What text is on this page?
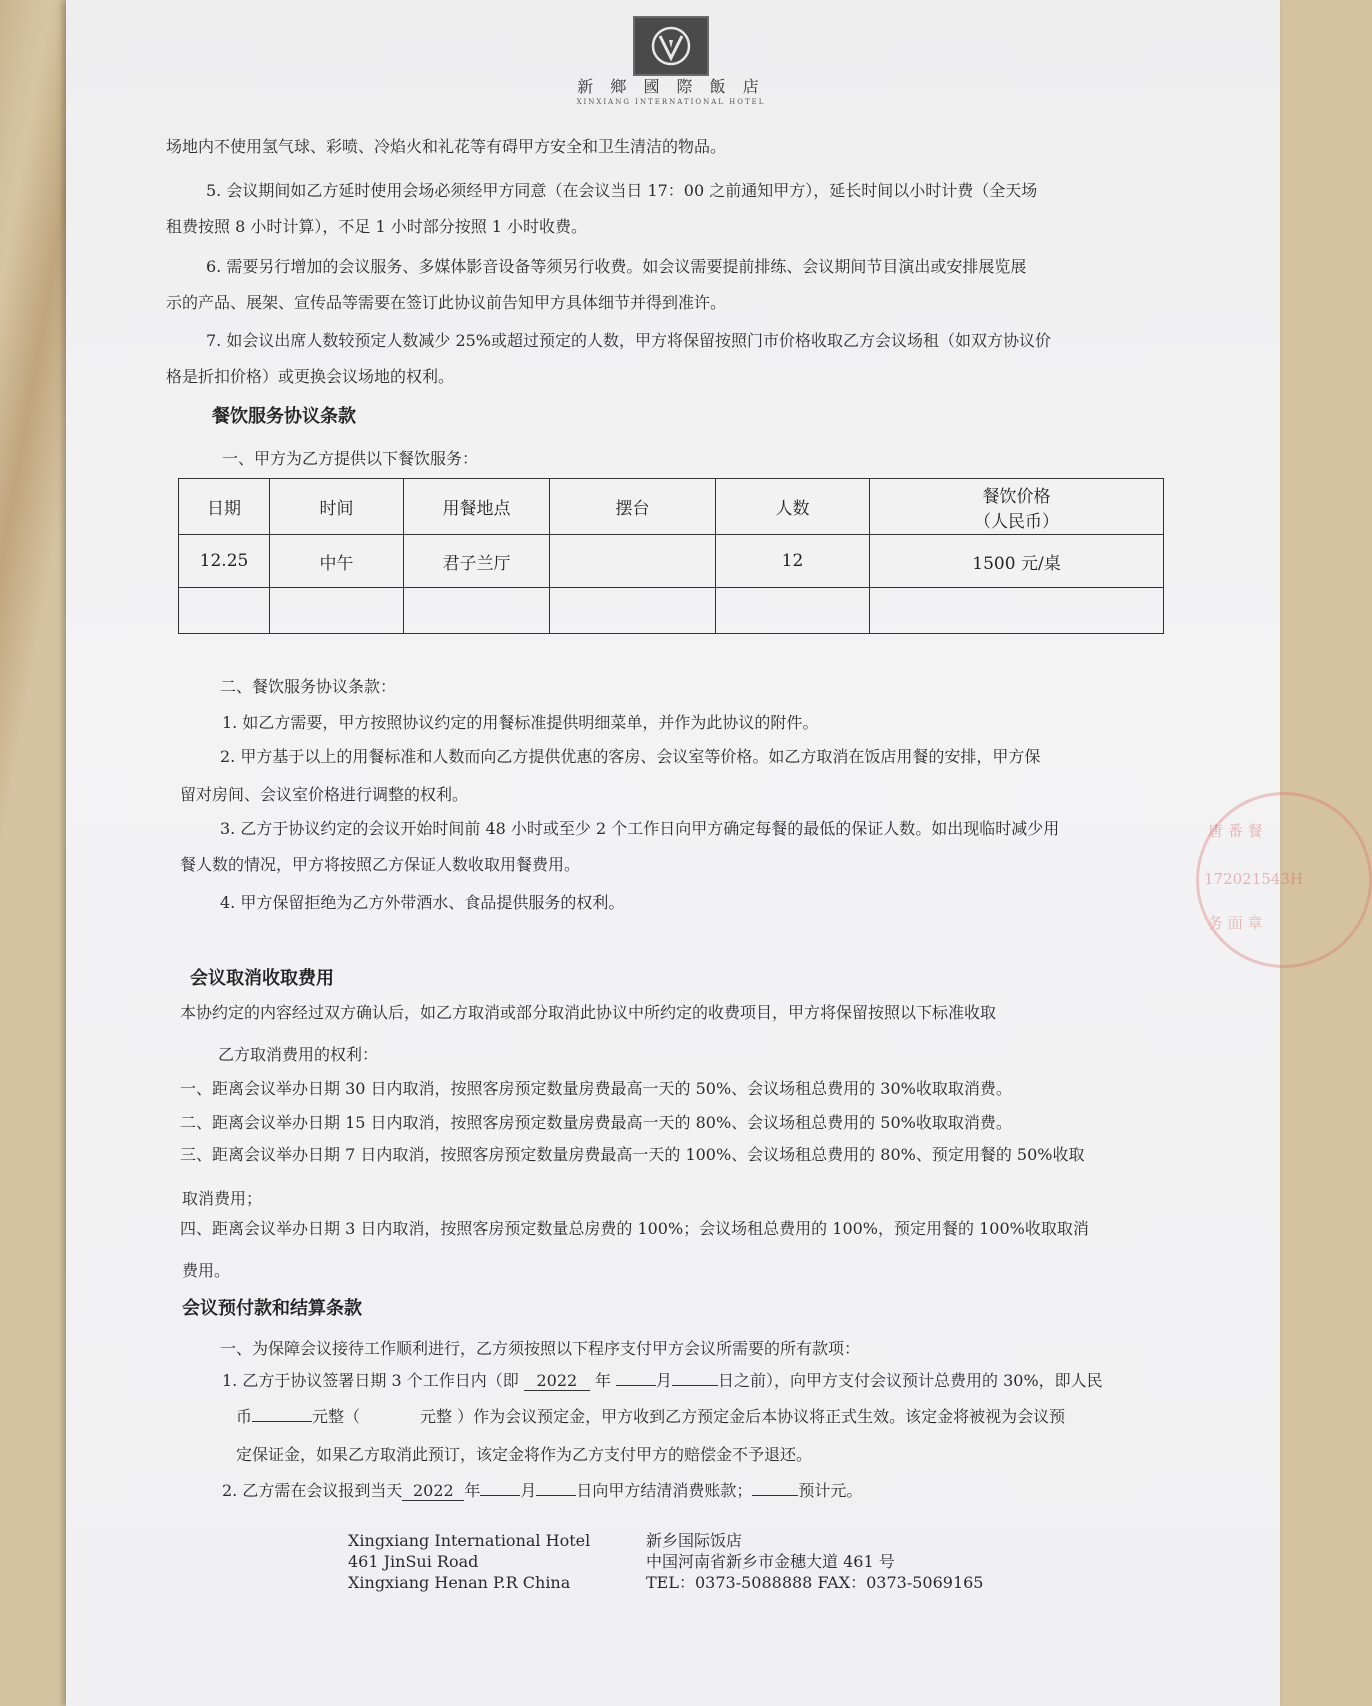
新 鄉 國 際 飯 店
XINXIANG INTERNATIONAL HOTEL
场地内不使用氢气球、彩喷、冷焰火和礼花等有碍甲方安全和卫生清洁的物品。
5. 会议期间如乙方延时使用会场必须经甲方同意（在会议当日 17：00 之前通知甲方），延长时间以小时计费（全天场
租费按照 8 小时计算），不足 1 小时部分按照 1 小时收费。
6. 需要另行增加的会议服务、多媒体影音设备等须另行收费。如会议需要提前排练、会议期间节目演出或安排展览展
示的产品、展架、宣传品等需要在签订此协议前告知甲方具体细节并得到准许。
7. 如会议出席人数较预定人数减少 25%或超过预定的人数，甲方将保留按照门市价格收取乙方会议场租（如双方协议价
格是折扣价格）或更换会议场地的权利。
餐饮服务协议条款
一、甲方为乙方提供以下餐饮服务：
日期	时间	用餐地点	摆台	人数	餐饮价格
（人民币）

12.25	中午	君子兰厅		12	1500 元/桌

二、餐饮服务协议条款：
1. 如乙方需要，甲方按照协议约定的用餐标准提供明细菜单，并作为此协议的附件。
2. 甲方基于以上的用餐标准和人数而向乙方提供优惠的客房、会议室等价格。如乙方取消在饭店用餐的安排，甲方保
留对房间、会议室价格进行调整的权利。
3. 乙方于协议约定的会议开始时间前 48 小时或至少 2 个工作日向甲方确定每餐的最低的保证人数。如出现临时减少用
餐人数的情况，甲方将按照乙方保证人数收取用餐费用。
4. 甲方保留拒绝为乙方外带酒水、食品提供服务的权利。
会议取消收取费用
本协约定的内容经过双方确认后，如乙方取消或部分取消此协议中所约定的收费项目，甲方将保留按照以下标准收取
乙方取消费用的权利：
一、距离会议举办日期 30 日内取消，按照客房预定数量房费最高一天的 50%、会议场租总费用的 30%收取取消费。
二、距离会议举办日期 15 日内取消，按照客房预定数量房费最高一天的 80%、会议场租总费用的 50%收取取消费。
三、距离会议举办日期 7 日内取消，按照客房预定数量房费最高一天的 100%、会议场租总费用的 80%、预定用餐的 50%收取
取消费用；
四、距离会议举办日期 3 日内取消，按照客房预定数量总房费的 100%；会议场租总费用的 100%，预定用餐的 100%收取取消
费用。
会议预付款和结算条款
一、为保障会议接待工作顺利进行，乙方须按照以下程序支付甲方会议所需要的所有款项：
1. 乙方于协议签署日期 3 个工作日内（即 2022 年	月	日之前），向甲方支付会议预计总费用的 30%，即人民
币	元整（	元整 ）作为会议预定金，甲方收到乙方预定金后本协议将正式生效。该定金将被视为会议预
定保证金，如果乙方取消此预订，该定金将作为乙方支付甲方的赔偿金不予退还。
2. 乙方需在会议报到当天 2022 年	月	日向甲方结清消费账款；	预计元。
Xingxiang International Hotel
461 JinSui Road
Xingxiang Henan P.R China
新乡国际饭店
中国河南省新乡市金穗大道 461 号
TEL：0373-5088888 FAX：0373-5069165
唐 番 餐
172021543H
务 面 章
